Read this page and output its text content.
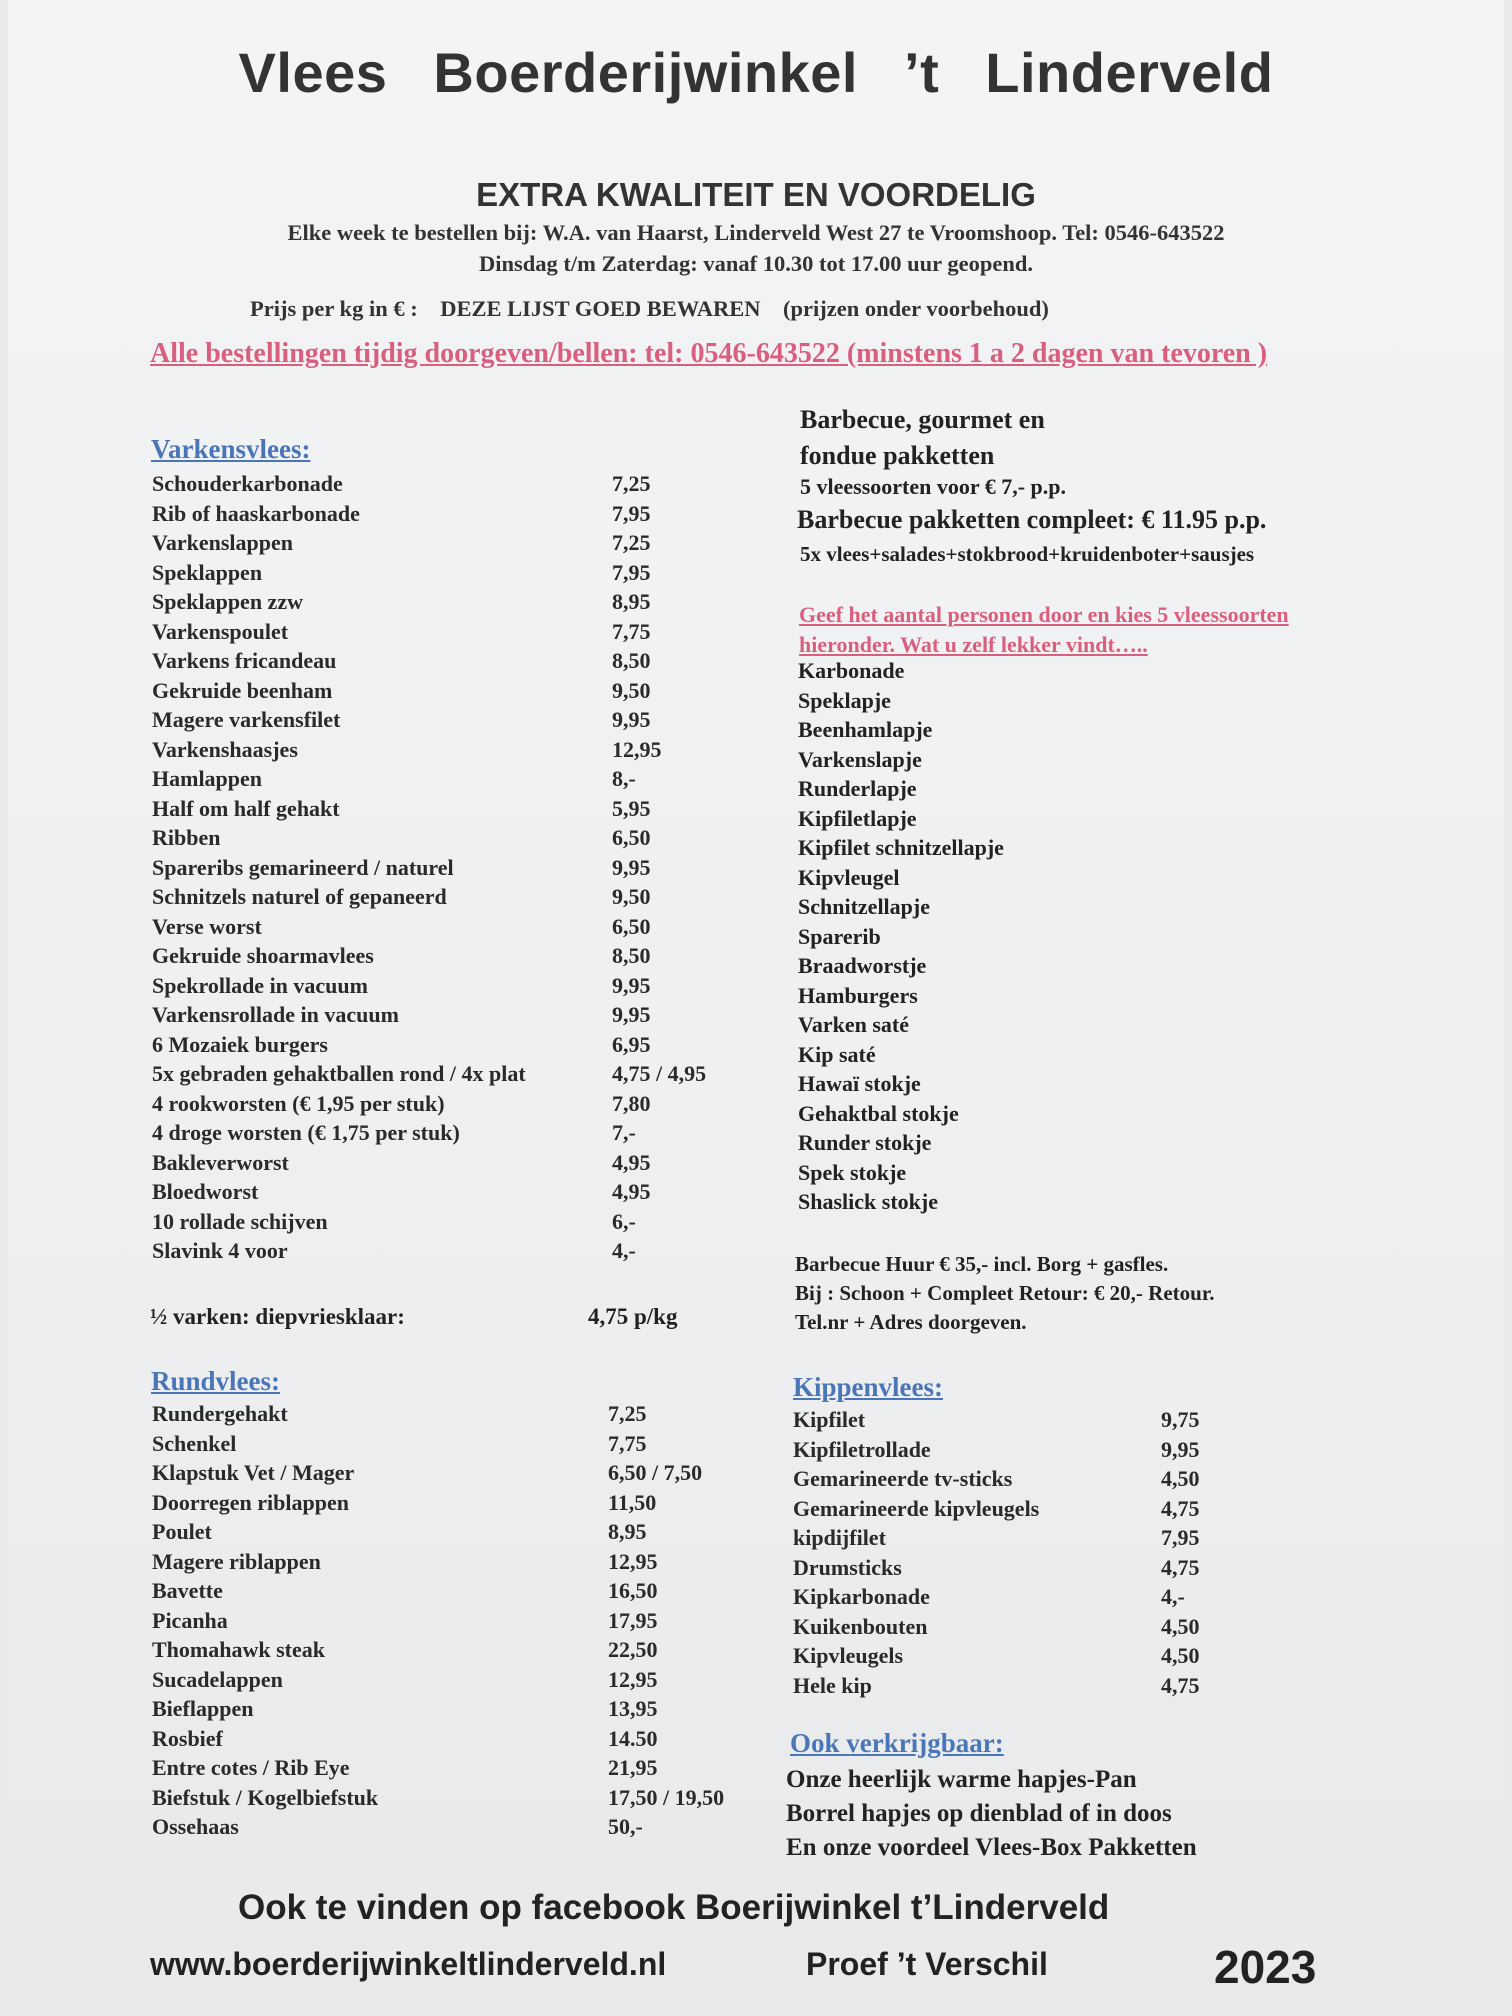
Vlees Boerderijwinkel ’t Linderveld
EXTRA KWALITEIT EN VOORDELIG
Elke week te bestellen bij: W.A. van Haarst, Linderveld West 27 te Vroomshoop. Tel: 0546-643522
Dinsdag t/m Zaterdag: vanaf 10.30 tot 17.00 uur geopend.
Prijs per kg in € :    DEZE LIJST GOED BEWAREN    (prijzen onder voorbehoud)
Alle bestellingen tijdig doorgeven/bellen: tel: 0546-643522 (minstens 1 a 2 dagen van tevoren )
Varkensvlees:
Schouderkarbonade	7,25
Rib of haaskarbonade	7,95
Varkenslappen	7,25
Speklappen	7,95
Speklappen zzw	8,95
Varkenspoulet	7,75
Varkens fricandeau	8,50
Gekruide beenham	9,50
Magere varkensfilet	9,95
Varkenshaasjes	12,95
Hamlappen	8,-
Half om half gehakt	5,95
Ribben	6,50
Spareribs gemarineerd / naturel	9,95
Schnitzels naturel of gepaneerd	9,50
Verse worst	6,50
Gekruide shoarmavlees	8,50
Spekrollade in vacuum	9,95
Varkensrollade in vacuum	9,95
6 Mozaiek burgers	6,95
5x gebraden gehaktballen rond / 4x plat	4,75 / 4,95
4 rookworsten (€ 1,95 per stuk)	7,80
4 droge worsten (€ 1,75 per stuk)	7,-
Bakleverworst	4,95
Bloedworst	4,95
10 rollade schijven	6,-
Slavink 4 voor	4,-
½ varken: diepvriesklaar:	4,75 p/kg
Rundvlees:
Rundergehakt	7,25
Schenkel	7,75
Klapstuk Vet / Mager	6,50 / 7,50
Doorregen riblappen	11,50
Poulet	8,95
Magere riblappen	12,95
Bavette	16,50
Picanha	17,95
Thomahawk steak	22,50
Sucadelappen	12,95
Bieflappen	13,95
Rosbief	14.50
Entre cotes / Rib Eye	21,95
Biefstuk / Kogelbiefstuk	17,50 / 19,50
Ossehaas	50,-
Barbecue, gourmet en
fondue pakketten
5 vleessoorten voor € 7,- p.p.
Barbecue pakketten compleet: € 11.95 p.p.
5x vlees+salades+stokbrood+kruidenboter+sausjes
Geef het aantal personen door en kies 5 vleessoorten
hieronder. Wat u zelf lekker vindt…..
Karbonade
Speklapje
Beenhamlapje
Varkenslapje
Runderlapje
Kipfiletlapje
Kipfilet schnitzellapje
Kipvleugel
Schnitzellapje
Sparerib
Braadworstje
Hamburgers
Varken saté
Kip saté
Hawaï stokje
Gehaktbal stokje
Runder stokje
Spek stokje
Shaslick stokje
Barbecue Huur € 35,- incl. Borg + gasfles.
Bij : Schoon + Compleet Retour: € 20,- Retour.
Tel.nr + Adres doorgeven.
Kippenvlees:
Kipfilet	9,75
Kipfiletrollade	9,95
Gemarineerde tv-sticks	4,50
Gemarineerde kipvleugels	4,75
kipdijfilet	7,95
Drumsticks	4,75
Kipkarbonade	4,-
Kuikenbouten	4,50
Kipvleugels	4,50
Hele kip	4,75
Ook verkrijgbaar:
Onze heerlijk warme hapjes-Pan
Borrel hapjes op dienblad of in doos
En onze voordeel Vlees-Box Pakketten
Ook te vinden op facebook Boerijwinkel t’Linderveld
www.boerderijwinkeltlinderveld.nl	Proef ’t Verschil	2023
